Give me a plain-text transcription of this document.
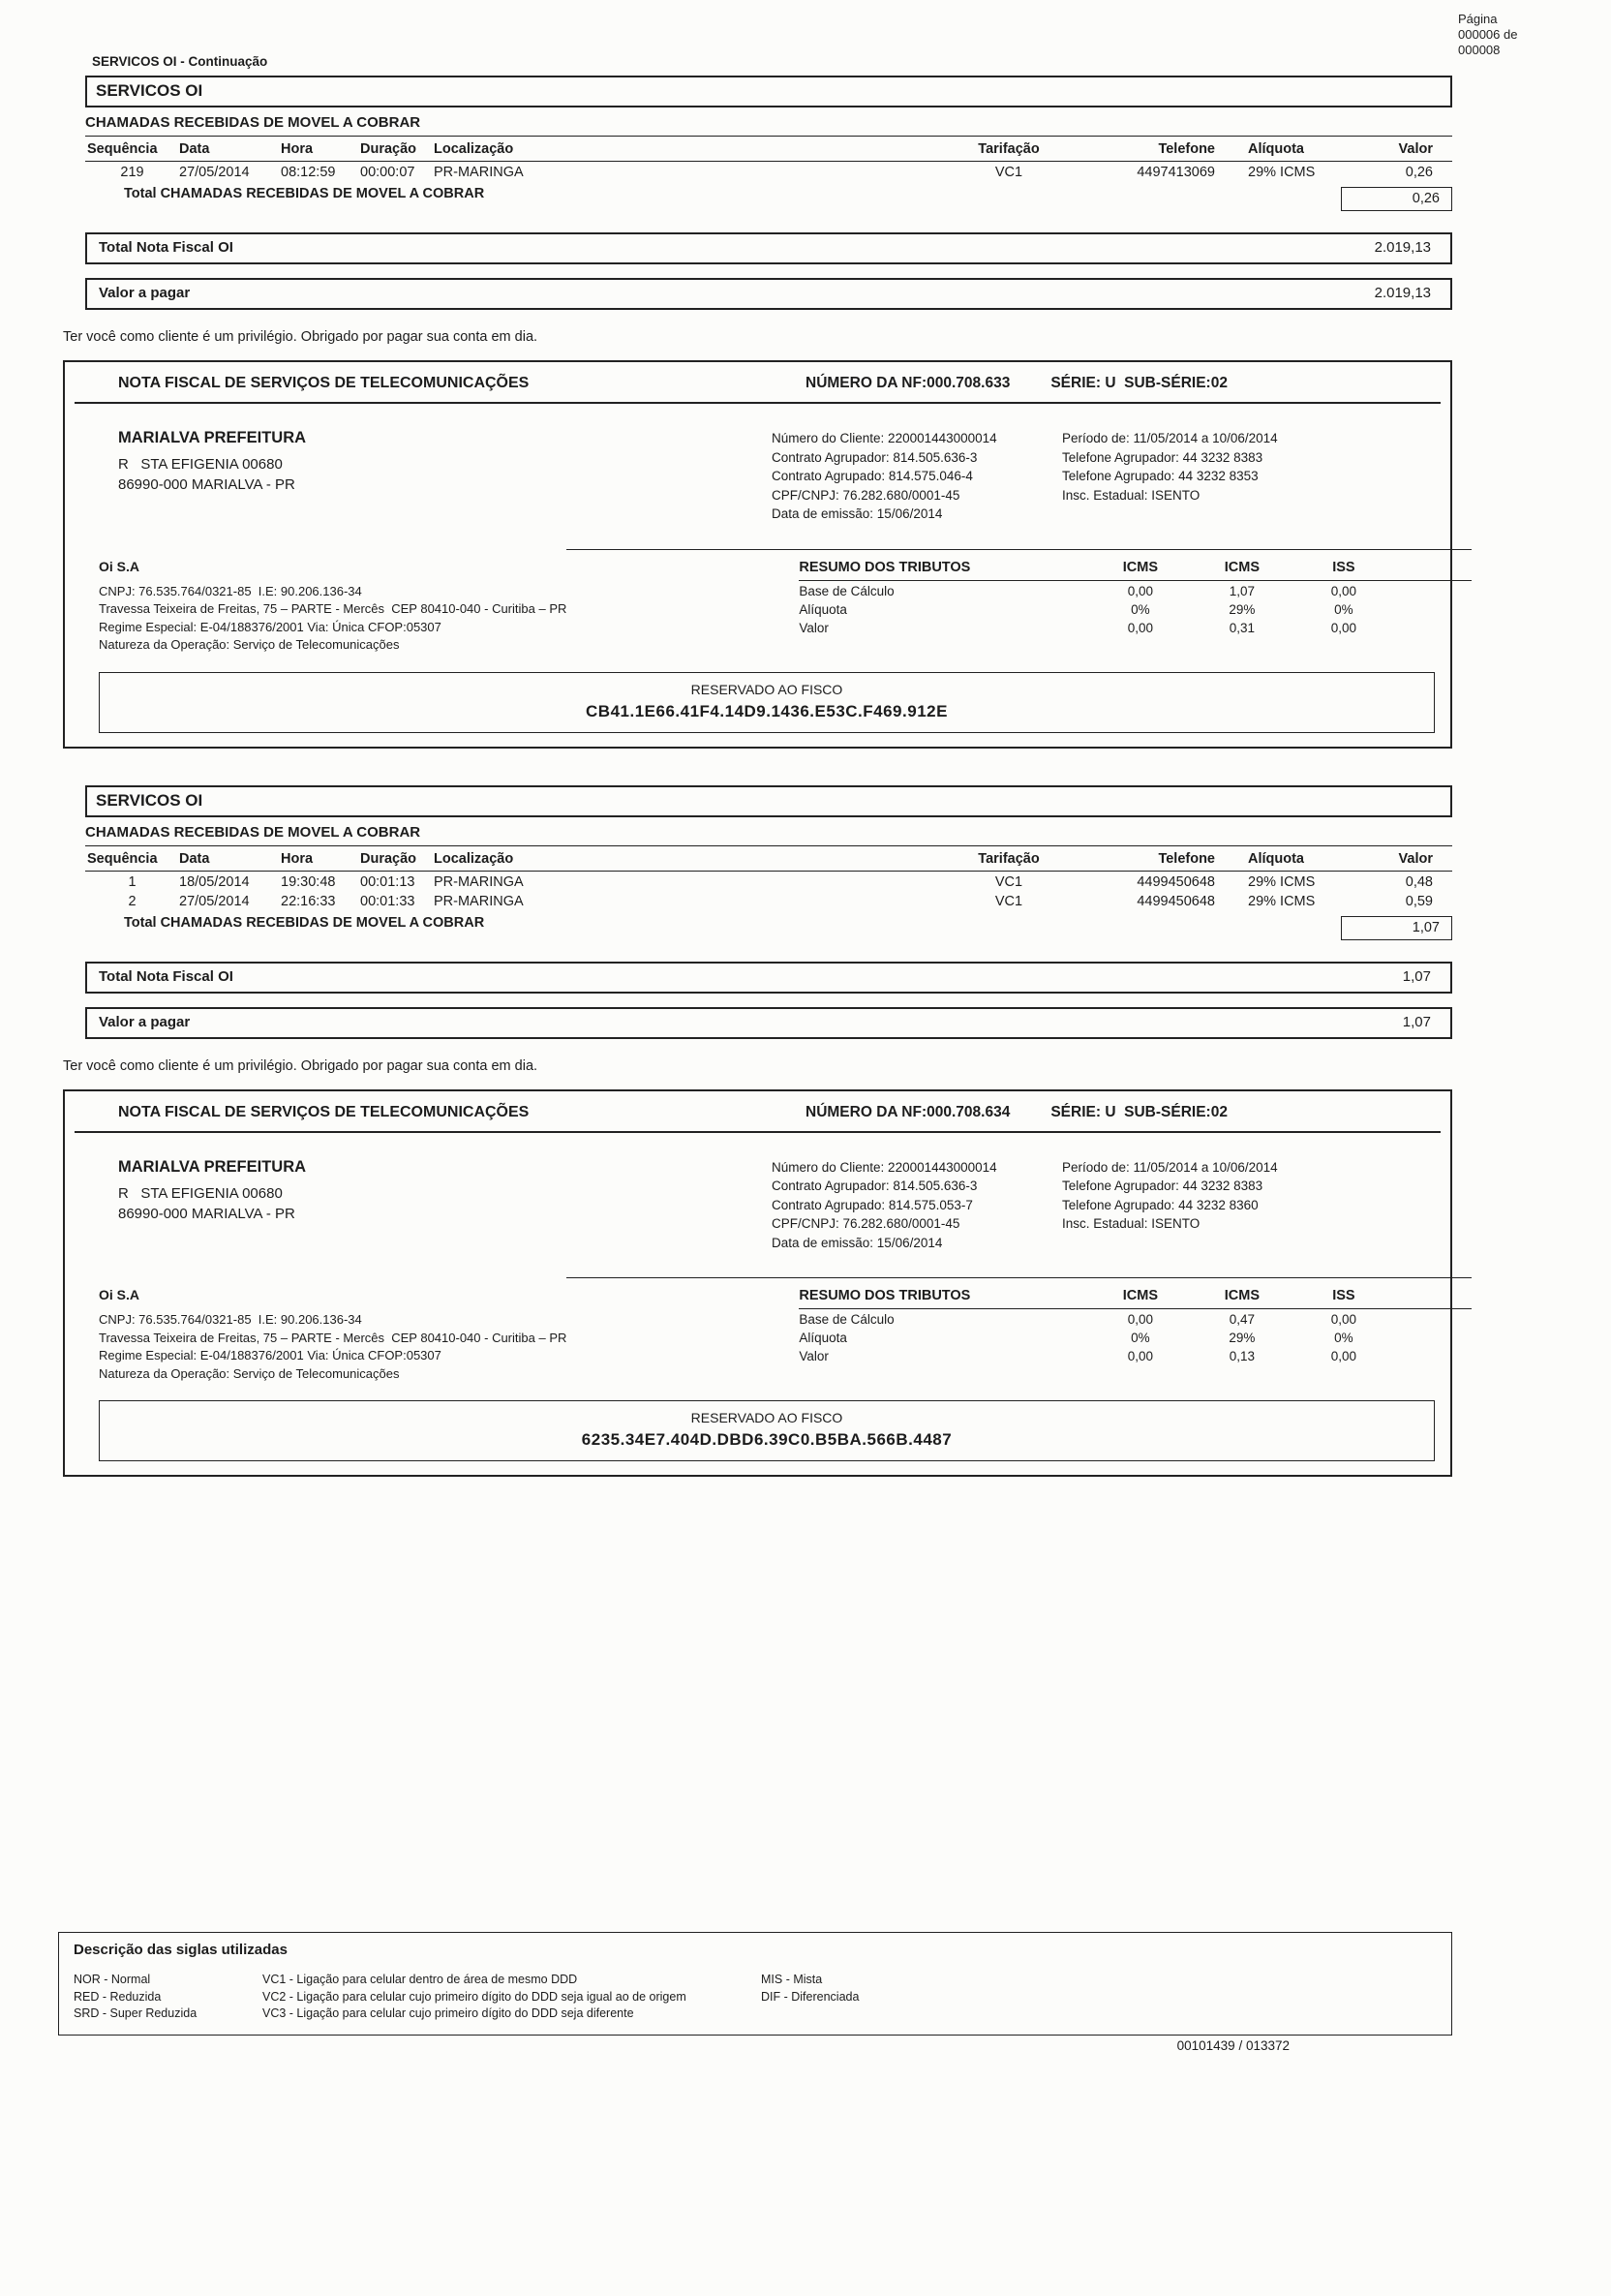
Página
000006 de
000008
SERVICOS OI - Continuação
SERVICOS OI
CHAMADAS RECEBIDAS DE MOVEL A COBRAR
Sequência	Data	Hora	Duração	Localização	Tarifação	Telefone	Alíquota	Valor
219	27/05/2014	08:12:59	00:00:07	PR-MARINGA	VC1	4497413069	29% ICMS	0,26
Total CHAMADAS RECEBIDAS DE MOVEL A COBRAR	0,26
Total Nota Fiscal OI	2.019,13
Valor a pagar	2.019,13

Ter você como cliente é um privilégio. Obrigado por pagar sua conta em dia.

NOTA FISCAL DE SERVIÇOS DE TELECOMUNICAÇÕES	NÚMERO DA NF:000.708.633	SÉRIE: U  SUB-SÉRIE:02
MARIALVA PREFEITURA
R   STA EFIGENIA 00680
86990-000 MARIALVA - PR
Número do Cliente: 220001443000014
Contrato Agrupador: 814.505.636-3
Contrato Agrupado: 814.575.046-4
CPF/CNPJ: 76.282.680/0001-45
Data de emissão: 15/06/2014
Período de: 11/05/2014 a 10/06/2014
Telefone Agrupador: 44 3232 8383
Telefone Agrupado: 44 3232 8353
Insc. Estadual: ISENTO
Oi S.A
CNPJ: 76.535.764/0321-85  I.E: 90.206.136-34
Travessa Teixeira de Freitas, 75 – PARTE - Mercês  CEP 80410-040 - Curitiba – PR
Regime Especial: E-04/188376/2001 Via: Única CFOP:05307
Natureza da Operação: Serviço de Telecomunicações
RESUMO DOS TRIBUTOS	ICMS	ICMS	ISS	
Base de Cálculo	0,00	1,07	0,00	
Alíquota	0%	29%	0%	
Valor	0,00	0,31	0,00	
RESERVADO AO FISCO
CB41.1E66.41F4.14D9.1436.E53C.F469.912E
SERVICOS OI
CHAMADAS RECEBIDAS DE MOVEL A COBRAR
Sequência	Data	Hora	Duração	Localização	Tarifação	Telefone	Alíquota	Valor
1	18/05/2014	19:30:48	00:01:13	PR-MARINGA	VC1	4499450648	29% ICMS	0,48
2	27/05/2014	22:16:33	00:01:33	PR-MARINGA	VC1	4499450648	29% ICMS	0,59
Total CHAMADAS RECEBIDAS DE MOVEL A COBRAR	1,07
Total Nota Fiscal OI	1,07
Valor a pagar	1,07

Ter você como cliente é um privilégio. Obrigado por pagar sua conta em dia.

NOTA FISCAL DE SERVIÇOS DE TELECOMUNICAÇÕES	NÚMERO DA NF:000.708.634	SÉRIE: U  SUB-SÉRIE:02
MARIALVA PREFEITURA
R   STA EFIGENIA 00680
86990-000 MARIALVA - PR
Número do Cliente: 220001443000014
Contrato Agrupador: 814.505.636-3
Contrato Agrupado: 814.575.053-7
CPF/CNPJ: 76.282.680/0001-45
Data de emissão: 15/06/2014
Período de: 11/05/2014 a 10/06/2014
Telefone Agrupador: 44 3232 8383
Telefone Agrupado: 44 3232 8360
Insc. Estadual: ISENTO
Oi S.A
CNPJ: 76.535.764/0321-85  I.E: 90.206.136-34
Travessa Teixeira de Freitas, 75 – PARTE - Mercês  CEP 80410-040 - Curitiba – PR
Regime Especial: E-04/188376/2001 Via: Única CFOP:05307
Natureza da Operação: Serviço de Telecomunicações
RESUMO DOS TRIBUTOS	ICMS	ICMS	ISS	
Base de Cálculo	0,00	0,47	0,00	
Alíquota	0%	29%	0%	
Valor	0,00	0,13	0,00	
RESERVADO AO FISCO
6235.34E7.404D.DBD6.39C0.B5BA.566B.4487
Descrição das siglas utilizadas
NOR - Normal
RED - Reduzida
SRD - Super Reduzida
VC1 - Ligação para celular dentro de área de mesmo DDD
VC2 - Ligação para celular cujo primeiro dígito do DDD seja igual ao de origem
VC3 - Ligação para celular cujo primeiro dígito do DDD seja diferente
MIS - Mista
DIF - Diferenciada
00101439 / 013372
